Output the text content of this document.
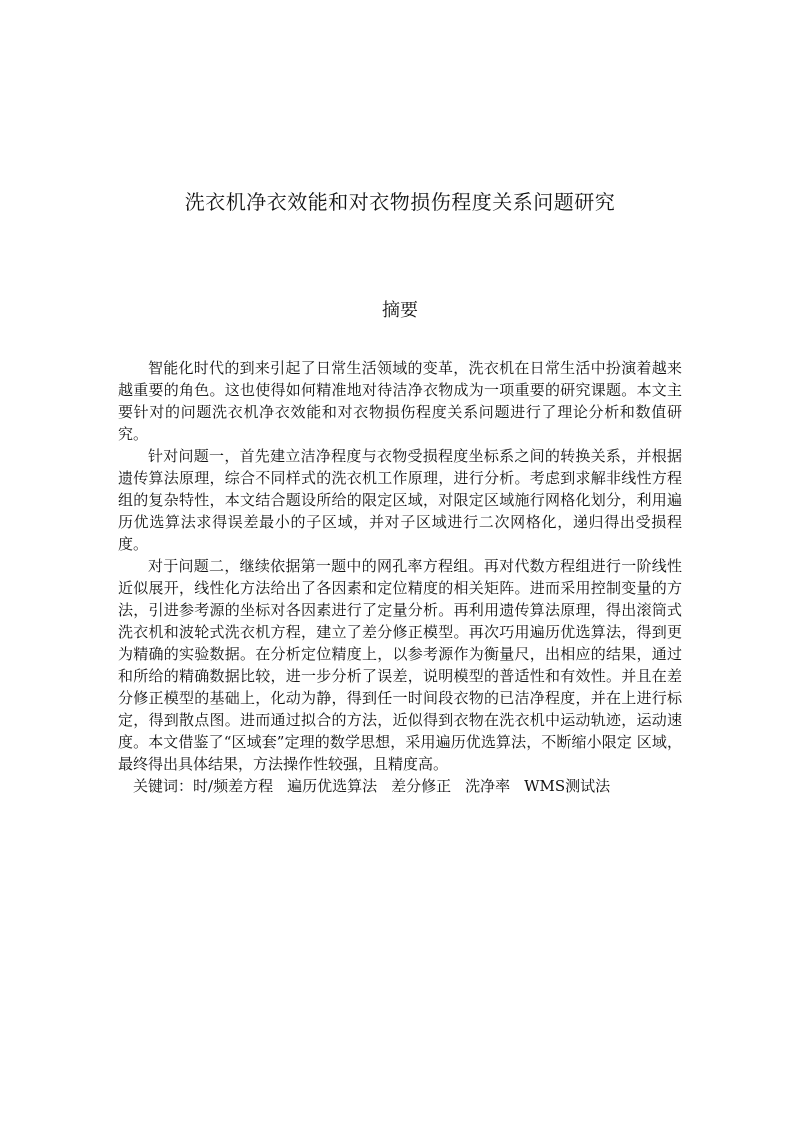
洗衣机净衣效能和对衣物损伤程度关系问题研究
摘要

智能化时代的到来引起了日常生活领域的变革，洗衣机在日常生活中扮演着越来越重要的角色。这也使得如何精准地对待洁净衣物成为一项重要的研究课题。本文主要针对的问题洗衣机净衣效能和对衣物损伤程度关系问题进行了理论分析和数值研究。

针对问题一，首先建立洁净程度与衣物受损程度坐标系之间的转换关系，并根据遗传算法原理，综合不同样式的洗衣机工作原理，进行分析。考虑到求解非线性方程组的复杂特性，本文结合题设所给的限定区域，对限定区域施行网格化划分，利用遍历优选算法求得误差最小的子区域，并对子区域进行二次网格化，递归得出受损程度。

对于问题二，继续依据第一题中的网孔率方程组。再对代数方程组进行一阶线性近似展开，线性化方法给出了各因素和定位精度的相关矩阵。进而采用控制变量的方法，引进参考源的坐标对各因素进行了定量分析。再利用遗传算法原理，得出滚筒式洗衣机和波轮式洗衣机方程，建立了差分修正模型。再次巧用遍历优选算法，得到更为精确的实验数据。在分析定位精度上，以参考源作为衡量尺，出相应的结果，通过和所给的精确数据比较，进一步分析了误差，说明模型的普适性和有效性。并且在差分修正模型的基础上，化动为静，得到任一时间段衣物的已洁净程度，并在上进行标定，得到散点图。进而通过拟合的方法，近似得到衣物在洗衣机中运动轨迹，运动速度。本文借鉴了“区域套”定理的数学思想，采用遍历优选算法，不断缩小限定 区域，最终得出具体结果，方法操作性较强，且精度高。

关键词：时/频差方程 遍历优选算法 差分修正 洗净率 WMS测试法
